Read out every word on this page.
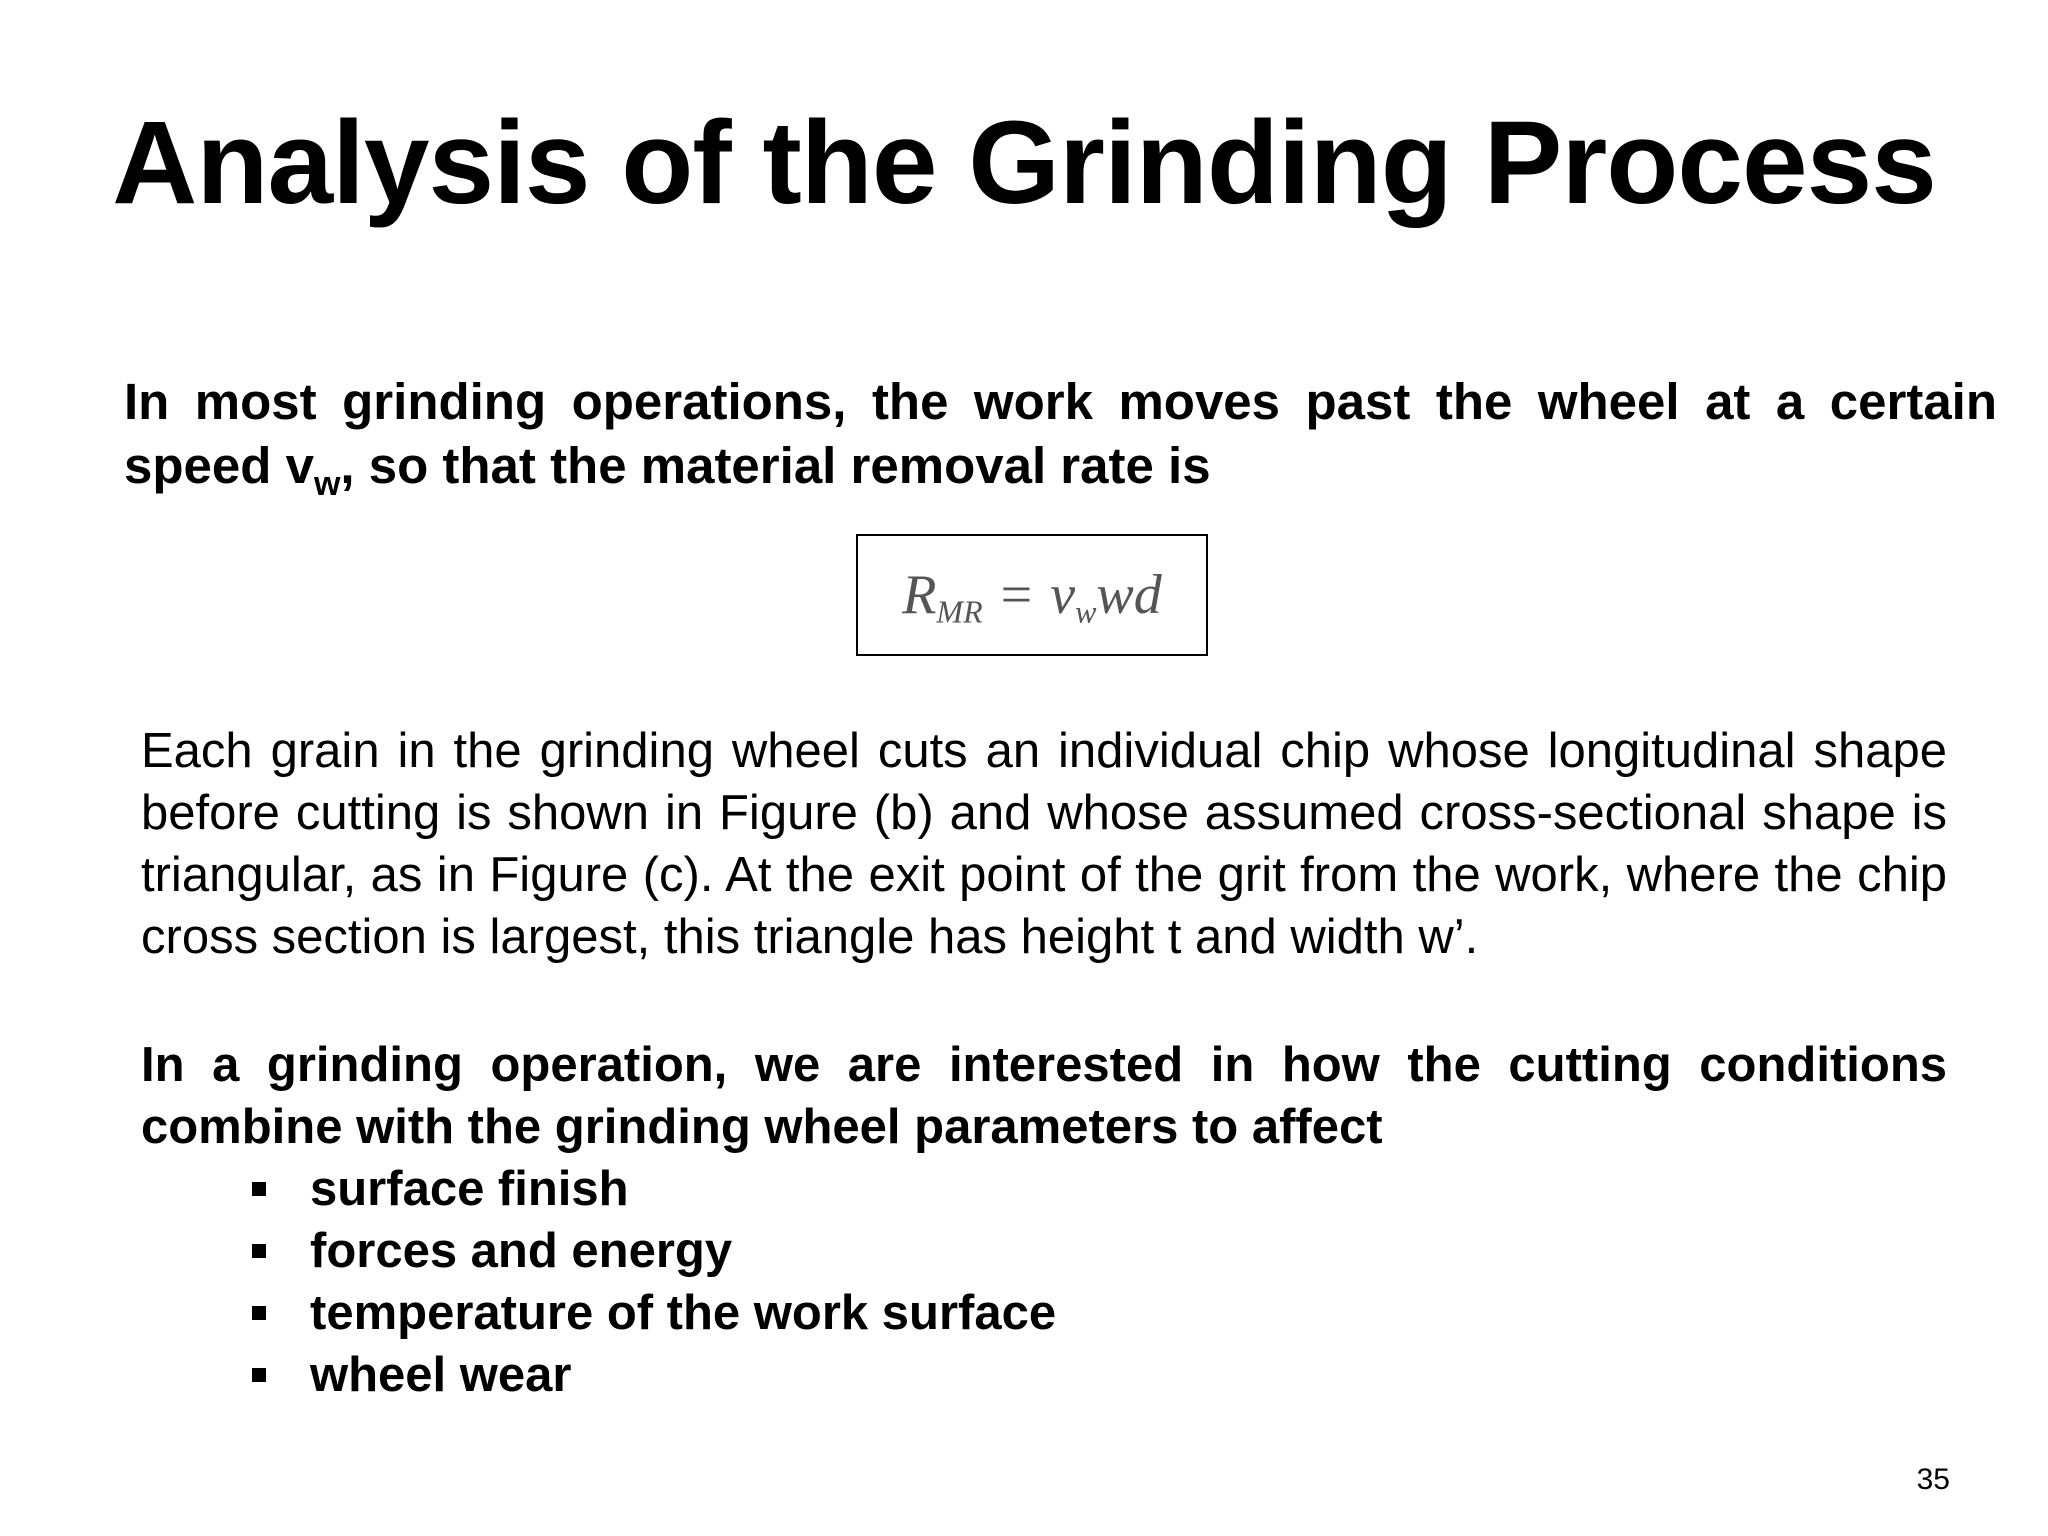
Analysis of the Grinding Process
In most grinding operations, the work moves past the wheel at a certain speed $v_w$, so that the material removal rate is
$R_{MR} = v_wwd$
Each grain in the grinding wheel cuts an individual chip whose longitudinal shape before cutting is shown in Figure (b) and whose assumed cross-sectional shape is triangular, as in Figure (c). At the exit point of the grit from the work, where the chip cross section is largest, this triangle has height t and width w’.
In a grinding operation, we are interested in how the cutting conditions combine with the grinding wheel parameters to affect
surface finish
forces and energy
temperature of the work surface
wheel wear
35
